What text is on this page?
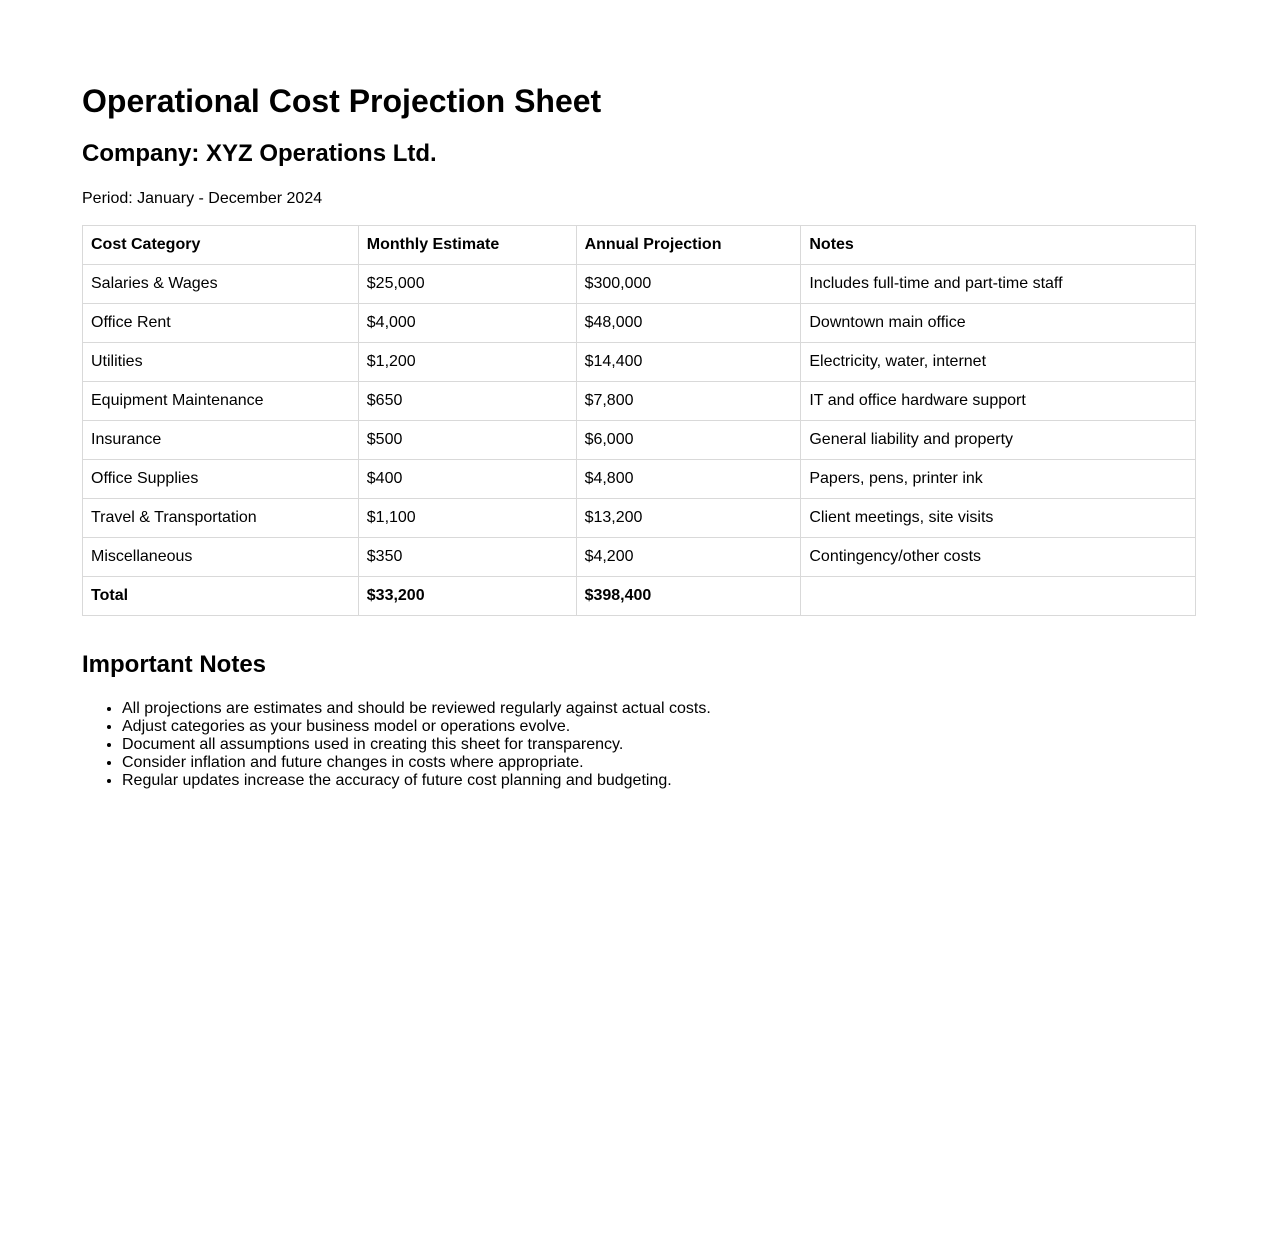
Operational Cost Projection Sheet
Company: XYZ Operations Ltd.

Period: January - December 2024

Cost Category	Monthly Estimate	Annual Projection	Notes
Salaries & Wages	$25,000	$300,000	Includes full-time and part-time staff
Office Rent	$4,000	$48,000	Downtown main office
Utilities	$1,200	$14,400	Electricity, water, internet
Equipment Maintenance	$650	$7,800	IT and office hardware support
Insurance	$500	$6,000	General liability and property
Office Supplies	$400	$4,800	Papers, pens, printer ink
Travel & Transportation	$1,100	$13,200	Client meetings, site visits
Miscellaneous	$350	$4,200	Contingency/other costs
Total	$33,200	$398,400	
Important Notes
• All projections are estimates and should be reviewed regularly against actual costs.
• Adjust categories as your business model or operations evolve.
• Document all assumptions used in creating this sheet for transparency.
• Consider inflation and future changes in costs where appropriate.
• Regular updates increase the accuracy of future cost planning and budgeting.
